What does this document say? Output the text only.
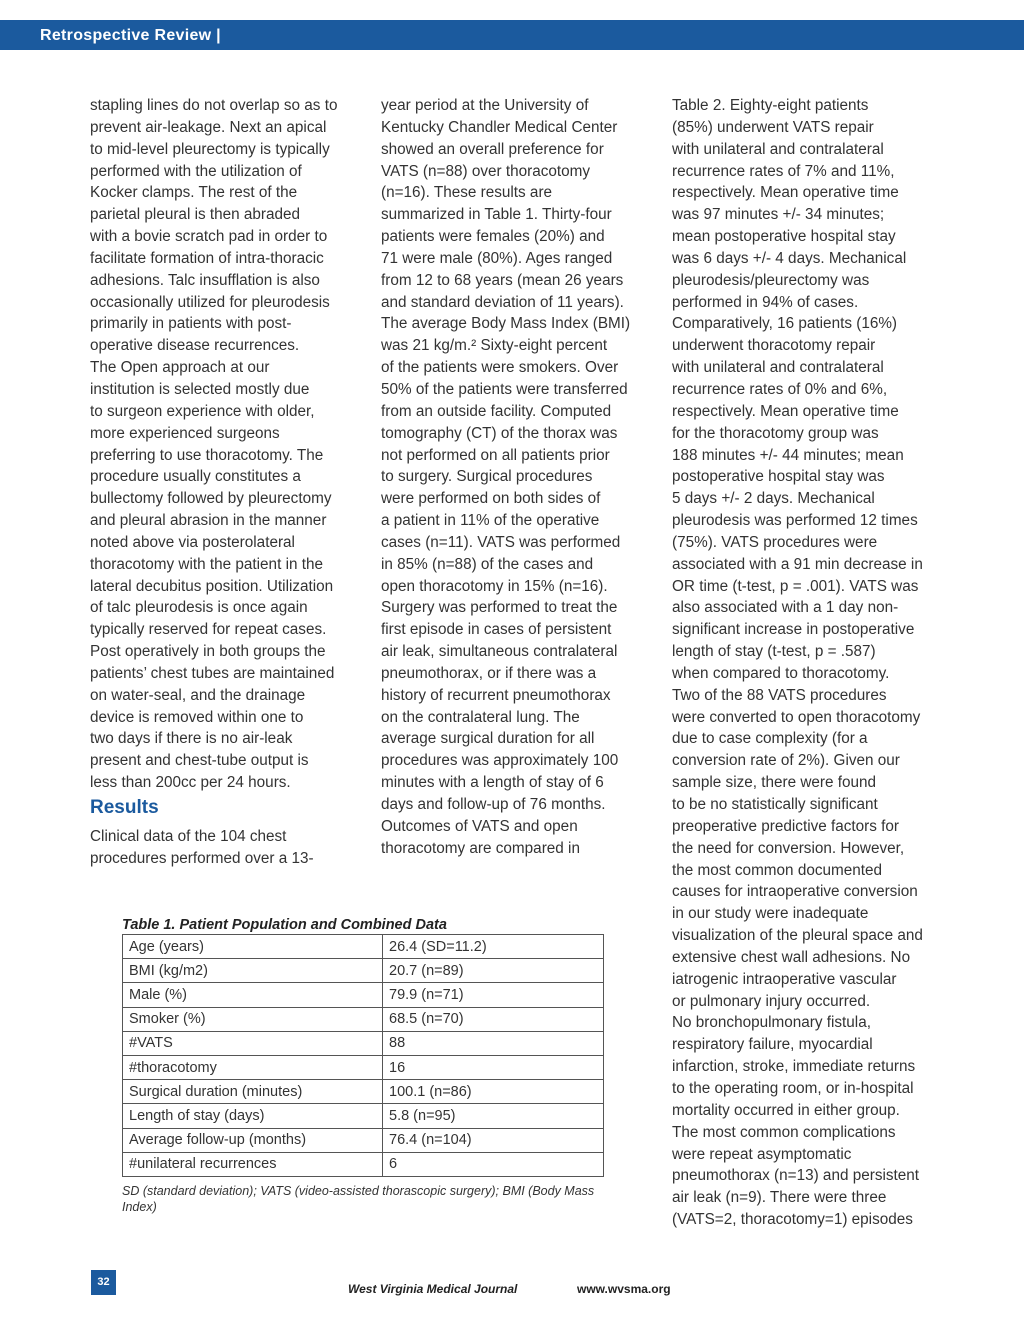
Retrospective Review |

stapling lines do not overlap so as to

prevent air-leakage. Next an apical

to mid-level pleurectomy is typically

performed with the utilization of

Kocker clamps. The rest of the

parietal pleural is then abraded

with a bovie scratch pad in order to

facilitate formation of intra-thoracic

adhesions. Talc insufflation is also

occasionally utilized for pleurodesis

primarily in patients with post-

operative disease recurrences.

The Open approach at our

institution is selected mostly due

to surgeon experience with older,

more experienced surgeons

preferring to use thoracotomy. The

procedure usually constitutes a

bullectomy followed by pleurectomy

and pleural abrasion in the manner

noted above via posterolateral

thoracotomy with the patient in the

lateral decubitus position. Utilization

of talc pleurodesis is once again

typically reserved for repeat cases.

Post operatively in both groups the

patients’ chest tubes are maintained

on water-seal, and the drainage

device is removed within one to

two days if there is no air-leak

present and chest-tube output is

less than 200cc per 24 hours.

Results

Clinical data of the 104 chest

procedures performed over a 13-

year period at the University of

Kentucky Chandler Medical Center

showed an overall preference for

VATS (n=88) over thoracotomy

(n=16). These results are

summarized in Table 1. Thirty-four

patients were females (20%) and

71 were male (80%). Ages ranged

from 12 to 68 years (mean 26 years

and standard deviation of 11 years).

The average Body Mass Index (BMI)

was 21 kg/m.² Sixty-eight percent

of the patients were smokers. Over

50% of the patients were transferred

from an outside facility. Computed

tomography (CT) of the thorax was

not performed on all patients prior

to surgery. Surgical procedures

were performed on both sides of

a patient in 11% of the operative

cases (n=11). VATS was performed

in 85% (n=88) of the cases and

open thoracotomy in 15% (n=16).

Surgery was performed to treat the

first episode in cases of persistent

air leak, simultaneous contralateral

pneumothorax, or if there was a

history of recurrent pneumothorax

on the contralateral lung. The

average surgical duration for all

procedures was approximately 100

minutes with a length of stay of 6

days and follow-up of 76 months.

Outcomes of VATS and open

thoracotomy are compared in

Table 2. Eighty-eight patients

(85%) underwent VATS repair

with unilateral and contralateral

recurrence rates of 7% and 11%,

respectively. Mean operative time

was 97 minutes +/- 34 minutes;

mean postoperative hospital stay

was 6 days +/- 4 days. Mechanical

pleurodesis/pleurectomy was

performed in 94% of cases.

Comparatively, 16 patients (16%)

underwent thoracotomy repair

with unilateral and contralateral

recurrence rates of 0% and 6%,

respectively. Mean operative time

for the thoracotomy group was

188 minutes +/- 44 minutes; mean

postoperative hospital stay was

5 days +/- 2 days. Mechanical

pleurodesis was performed 12 times

(75%). VATS procedures were

associated with a 91 min decrease in

OR time (t-test, p = .001). VATS was

also associated with a 1 day non-

significant increase in postoperative

length of stay (t-test, p = .587)

when compared to thoracotomy.

Two of the 88 VATS procedures

were converted to open thoracotomy

due to case complexity (for a

conversion rate of 2%). Given our

sample size, there were found

to be no statistically significant

preoperative predictive factors for

the need for conversion. However,

the most common documented

causes for intraoperative conversion

in our study were inadequate

visualization of the pleural space and

extensive chest wall adhesions. No

iatrogenic intraoperative vascular

or pulmonary injury occurred.

No bronchopulmonary fistula,

respiratory failure, myocardial

infarction, stroke, immediate returns

to the operating room, or in-hospital

mortality occurred in either group.

The most common complications

were repeat asymptomatic

pneumothorax (n=13) and persistent

air leak (n=9). There were three

(VATS=2, thoracotomy=1) episodes

Table 1. Patient Population and Combined Data
Age (years)	26.4 (SD=11.2)
BMI (kg/m2)	20.7 (n=89)
Male (%)	79.9 (n=71)
Smoker (%)	68.5 (n=70)
#VATS	88
#thoracotomy	16
Surgical duration (minutes)	100.1 (n=86)
Length of stay (days)	5.8 (n=95)
Average follow-up (months)	76.4 (n=104)
#unilateral recurrences	6
SD (standard deviation); VATS (video-assisted thorascopic surgery); BMI (Body Mass Index)
32	West Virginia Medical Journal	www.wvsma.org
